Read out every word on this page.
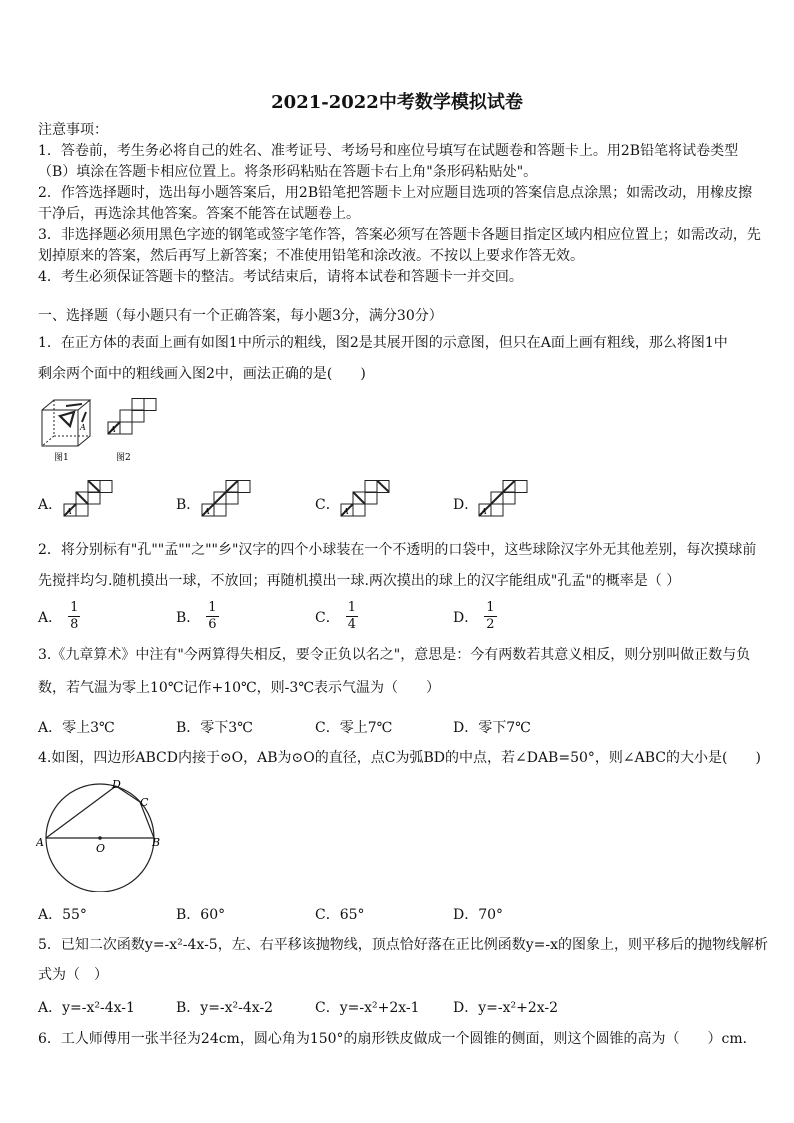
2021-2022中考数学模拟试卷
注意事项：
1．答卷前，考生务必将自己的姓名、准考证号、考场号和座位号填写在试题卷和答题卡上。用2B铅笔将试卷类型
（B）填涂在答题卡相应位置上。将条形码粘贴在答题卡右上角"条形码粘贴处"。
2．作答选择题时，选出每小题答案后，用2B铅笔把答题卡上对应题目选项的答案信息点涂黑；如需改动，用橡皮擦
干净后，再选涂其他答案。答案不能答在试题卷上。
3．非选择题必须用黑色字迹的钢笔或签字笔作答，答案必须写在答题卡各题目指定区域内相应位置上；如需改动，先
划掉原来的答案，然后再写上新答案；不准使用铅笔和涂改液。不按以上要求作答无效。
4．考生必须保证答题卡的整洁。考试结束后，请将本试卷和答题卡一并交回。
一、选择题（每小题只有一个正确答案，每小题3分，满分30分）
1．在正方体的表面上画有如图1中所示的粗线，图2是其展开图的示意图，但只在A面上画有粗线，那么将图1中
剩余两个面中的粗线画入图2中，画法正确的是(　　)
A
图1
A
图2
A． A	B． A	C． A	D． A
2．将分别标有"孔""孟""之""乡"汉字的四个小球装在一个不透明的口袋中，这些球除汉字外无其他差别，每次摸球前
先搅拌均匀.随机摸出一球，不放回；再随机摸出一球.两次摸出的球上的汉字能组成"孔孟"的概率是（ ）
A． $\frac{1}{8}$	B． $\frac{1}{6}$	C． $\frac{1}{4}$	D． $\frac{1}{2}$
3.《九章算术》中注有"今两算得失相反，要令正负以名之"，意思是：今有两数若其意义相反，则分别叫做正数与负
数，若气温为零上10℃记作+10℃，则-3℃表示气温为（　　）
A．零上3℃	B．零下3℃	C．零上7℃	D．零下7℃
4.如图，四边形ABCD内接于⊙O，AB为⊙O的直径，点C为弧BD的中点，若∠DAB=50°，则∠ABC的大小是(　　)
A	B
C
D
O
A．55°	B．60°	C．65°	D．70°
5．已知二次函数y=-x²-4x-5，左、右平移该抛物线，顶点恰好落在正比例函数y=-x的图象上，则平移后的抛物线解析
式为（　）
A．y=-x²-4x-1	B．y=-x²-4x-2	C．y=-x²+2x-1 D．y=-x²+2x-2
6．工人师傅用一张半径为24cm，圆心角为150°的扇形铁皮做成一个圆锥的侧面，则这个圆锥的高为（　　）cm．
